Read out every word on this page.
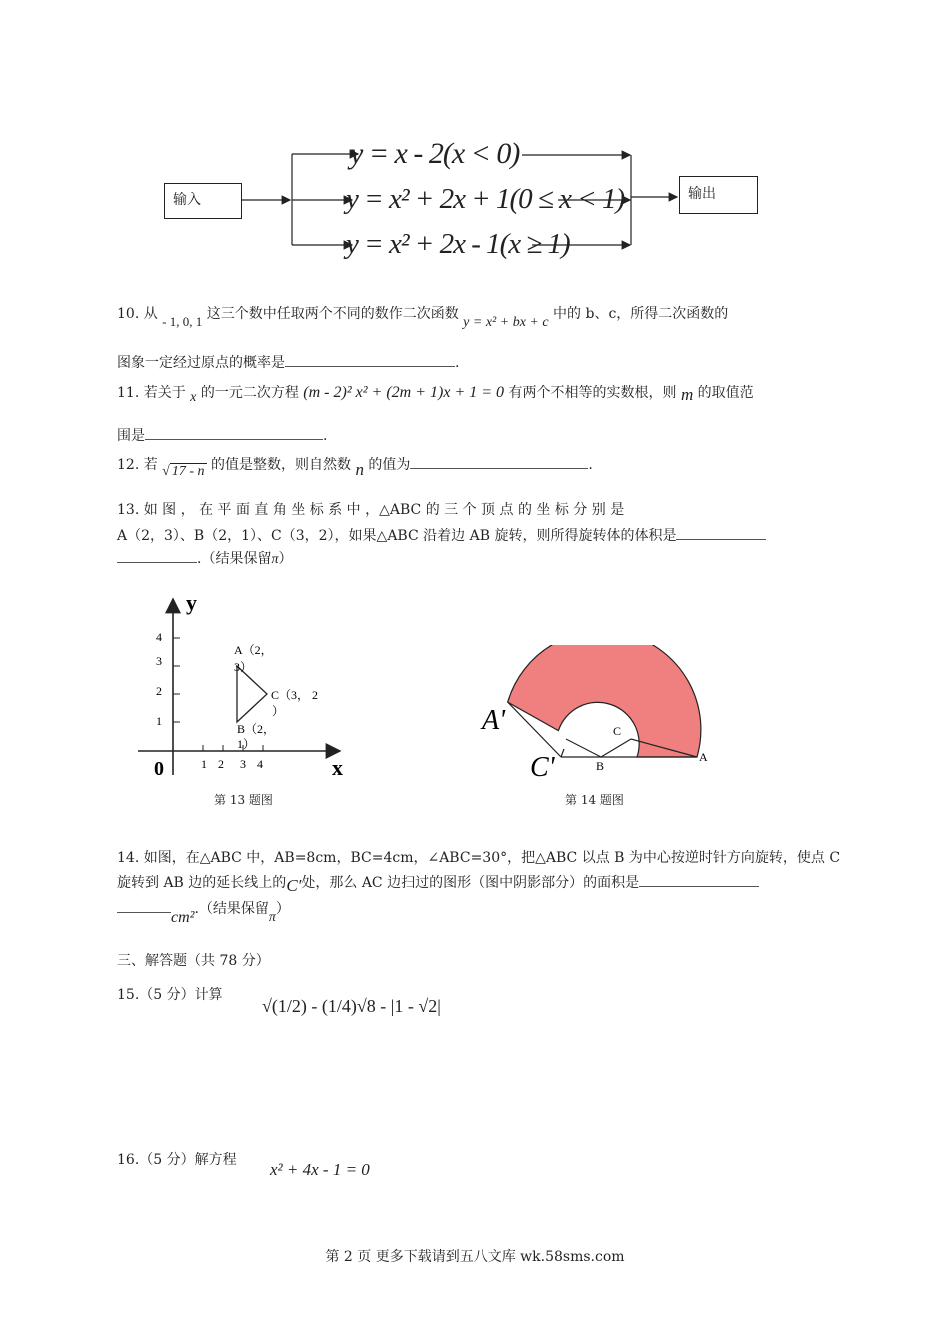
输入	输出
y = x - 2(x < 0)
y = x² + 2x + 1(0 ≤ x < 1)
y = x² + 2x - 1(x ≥ 1)
10. 从 - 1, 0, 1 这三个数中任取两个不同的数作二次函数 y = x² + bx + c 中的 b、c，所得二次函数的
图象一定经过原点的概率是	.
11. 若关于 x 的一元二次方程 (m - 2)² x² + (2m + 1)x + 1 = 0 有两个不相等的实数根，则 m 的取值范
围是	.
12. 若 √ 17 - n 的值是整数，则自然数 n 的值为	.
13. 如 图 ， 在 平 面 直 角 坐 标 系 中 ，△ABC 的 三 个 顶 点 的 坐 标 分 别 是
A（2，3）、B（2，1）、C（3，2），如果△ABC 沿着边 AB 旋转，则所得旋转体的体积是
.（结果保留π）
y
x
0
4
3
2
1
1 2 3 4
A（2，
3）
C（3， 2
）
B（2，
1）
第 13 题图
A'
C'	A
B
C
第 14 题图
14. 如图，在△ABC 中，AB=8cm，BC=4cm，∠ABC=30°，把△ABC 以点 B 为中心按逆时针方向旋转，使点 C
旋转到 AB 边的延长线上的C′处，那么 AC 边扫过的图形（图中阴影部分）的面积是
cm².（结果保留π）
三、解答题（共 78 分）
15.（5 分）计算
√(1/2) - (1/4)√8 - |1 - √2|
16.（5 分）解方程 x² + 4x - 1 = 0
第 2 页 更多下载请到五八文库 wk.58sms.com
